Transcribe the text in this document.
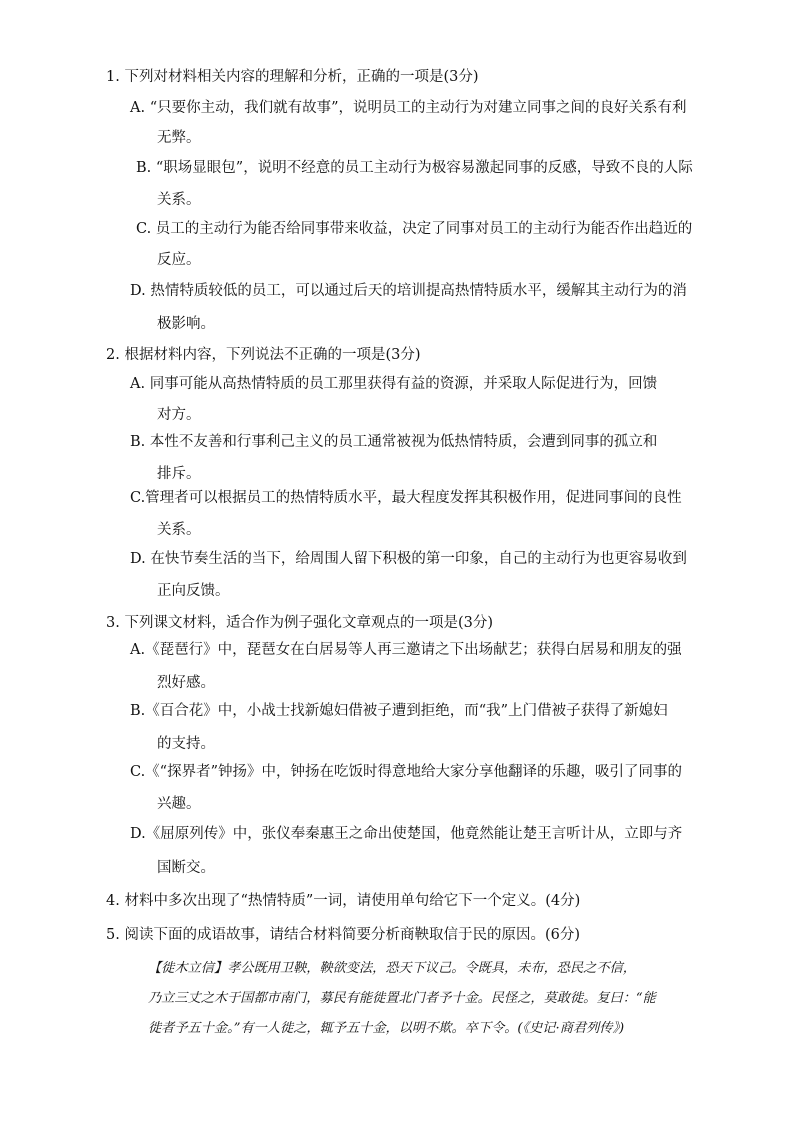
1. 下列对材料相关内容的理解和分析，正确的一项是(3分)
A. “只要你主动，我们就有故事”，说明员工的主动行为对建立同事之间的良好关系有利
无弊。
B. “职场显眼包”，说明不经意的员工主动行为极容易激起同事的反感，导致不良的人际
关系。
C. 员工的主动行为能否给同事带来收益，决定了同事对员工的主动行为能否作出趋近的
反应。
D. 热情特质较低的员工，可以通过后天的培训提高热情特质水平，缓解其主动行为的消
极影响。
2. 根据材料内容，下列说法不正确的一项是(3分)
A. 同事可能从高热情特质的员工那里获得有益的资源，并采取人际促进行为，回馈
对方。
B. 本性不友善和行事利己主义的员工通常被视为低热情特质，会遭到同事的孤立和
排斥。
C.管理者可以根据员工的热情特质水平，最大程度发挥其积极作用，促进同事间的良性
关系。
D. 在快节奏生活的当下，给周围人留下积极的第一印象，自己的主动行为也更容易收到
正向反馈。
3. 下列课文材料，适合作为例子强化文章观点的一项是(3分)
A.《琵琶行》中，琵琶女在白居易等人再三邀请之下出场献艺；获得白居易和朋友的强
烈好感。
B.《百合花》中，小战士找新媳妇借被子遭到拒绝，而“我”上门借被子获得了新媳妇
的支持。
C.《“探界者”钟扬》中，钟扬在吃饭时得意地给大家分享他翻译的乐趣，吸引了同事的
兴趣。
D.《屈原列传》中，张仪奉秦惠王之命出使楚国，他竟然能让楚王言听计从，立即与齐
国断交。
4. 材料中多次出现了“热情特质”一词，请使用单句给它下一个定义。(4分)
5. 阅读下面的成语故事，请结合材料简要分析商鞅取信于民的原因。(6分)
【徙木立信】孝公既用卫鞅，鞅欲变法，恐天下议己。令既具，未布，恐民之不信，
乃立三丈之木于国都市南门，募民有能徙置北门者予十金。民怪之，莫敢徙。复曰：“能
徙者予五十金。”有一人徙之，辄予五十金，以明不欺。卒下令。(《史记·商君列传》)
